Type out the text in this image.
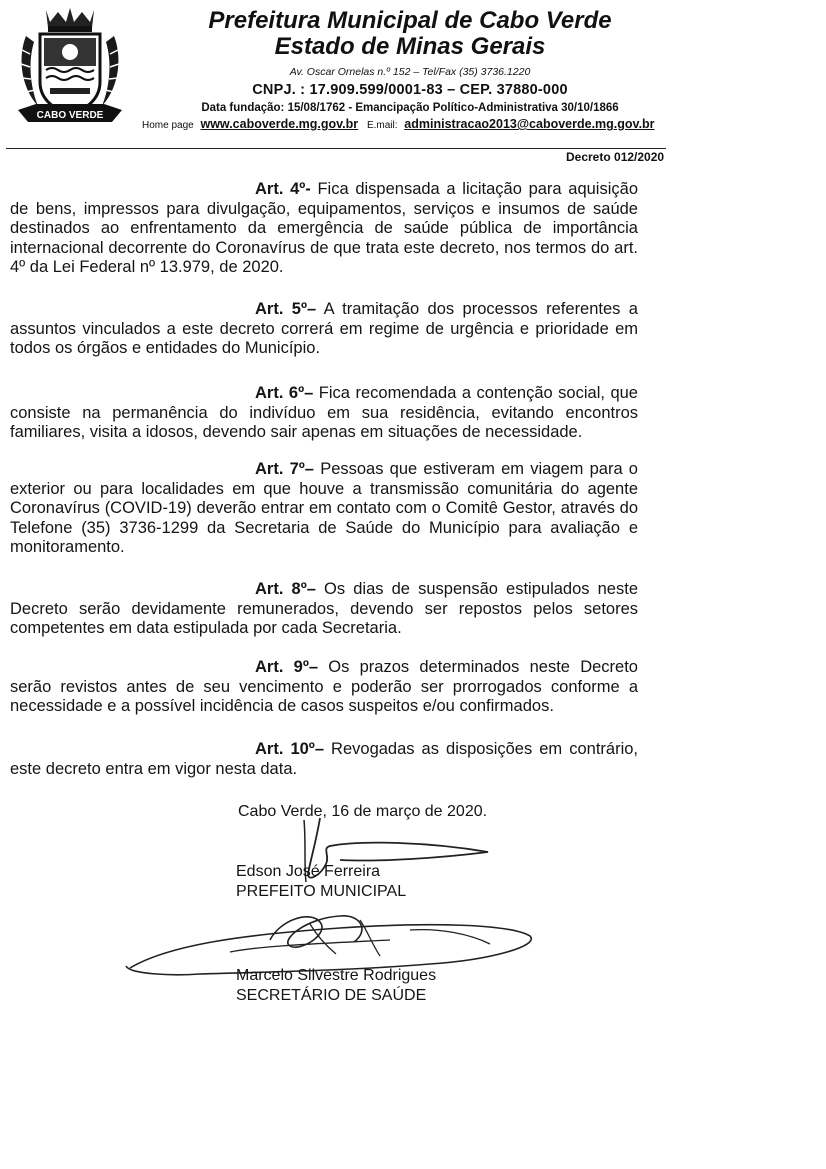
CABO VERDE
Prefeitura Municipal de Cabo Verde
Estado de Minas Gerais
Av. Oscar Ornelas n.º 152 – Tel/Fax (35) 3736.1220
CNPJ. : 17.909.599/0001-83 – CEP. 37880-000
Data fundação: 15/08/1762 - Emancipação Político-Administrativa 30/10/1866
Home page www.caboverde.mg.gov.br E.mail: administracao2013@caboverde.mg.gov.br
Decreto 012/2020
Art. 4º- Fica dispensada a licitação para aquisição de bens, impressos para divulgação, equipamentos, serviços e insumos de saúde destinados ao enfrentamento da emergência de saúde pública de importância internacional decorrente do Coronavírus de que trata este decreto, nos termos do art. 4º da Lei Federal nº 13.979, de 2020.
Art. 5º– A tramitação dos processos referentes a assuntos vinculados a este decreto correrá em regime de urgência e prioridade em todos os órgãos e entidades do Município.
Art. 6º– Fica recomendada a contenção social, que consiste na permanência do indivíduo em sua residência, evitando encontros familiares, visita a idosos, devendo sair apenas em situações de necessidade.
Art. 7º– Pessoas que estiveram em viagem para o exterior ou para localidades em que houve a transmissão comunitária do agente Coronavírus (COVID-19) deverão entrar em contato com o Comitê Gestor, através do Telefone (35) 3736-1299 da Secretaria de Saúde do Município para avaliação e monitoramento.
Art. 8º– Os dias de suspensão estipulados neste Decreto serão devidamente remunerados, devendo ser repostos pelos setores competentes em data estipulada por cada Secretaria.
Art. 9º– Os prazos determinados neste Decreto serão revistos antes de seu vencimento e poderão ser prorrogados conforme a necessidade e a possível incidência de casos suspeitos e/ou confirmados.
Art. 10º– Revogadas as disposições em contrário, este decreto entra em vigor nesta data.
Cabo Verde, 16 de março de 2020.
Edson José Ferreira
PREFEITO MUNICIPAL
Marcelo Silvestre Rodrigues
SECRETÁRIO DE SAÚDE
